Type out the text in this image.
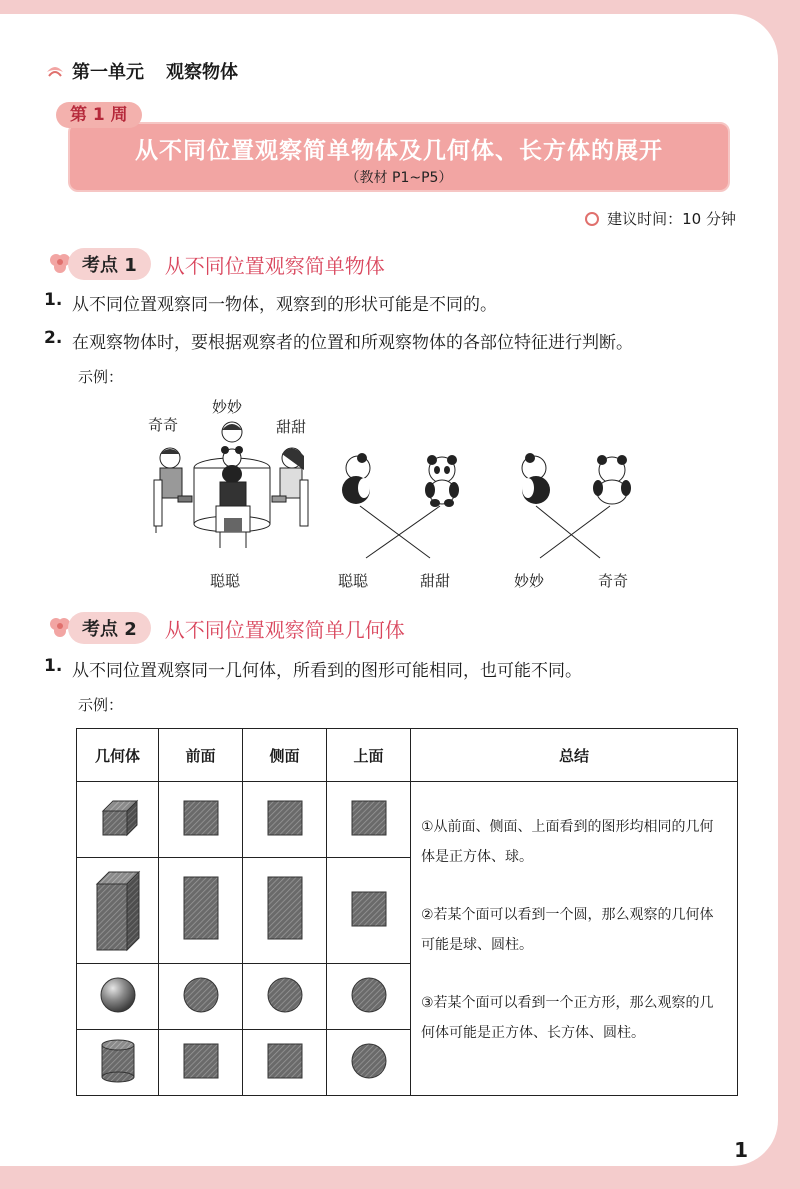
第一单元 观察物体
第 1 周
从不同位置观察简单物体及几何体、长方体的展开
（教材 P1~P5）
建议时间：10 分钟
考点 1	从不同位置观察简单物体
1. 从不同位置观察同一物体，观察到的形状可能是不同的。
2. 在观察物体时，要根据观察者的位置和所观察物体的各部位特征进行判断。
示例：
奇奇
妙妙
甜甜
聪聪	聪聪	甜甜	妙妙	奇奇
考点 2	从不同位置观察简单几何体
1. 从不同位置观察同一几何体，所看到的图形可能相同，也可能不同。
示例：
几何体	前面	侧面	上面	总结

①从前面、侧面、上面看到的图形均相同的几何体是正方体、球。
②若某个面可以看到一个圆，那么观察的几何体可能是球、圆柱。
③若某个面可以看到一个正方形，那么观察的几何体可能是正方体、长方体、圆柱。

1
